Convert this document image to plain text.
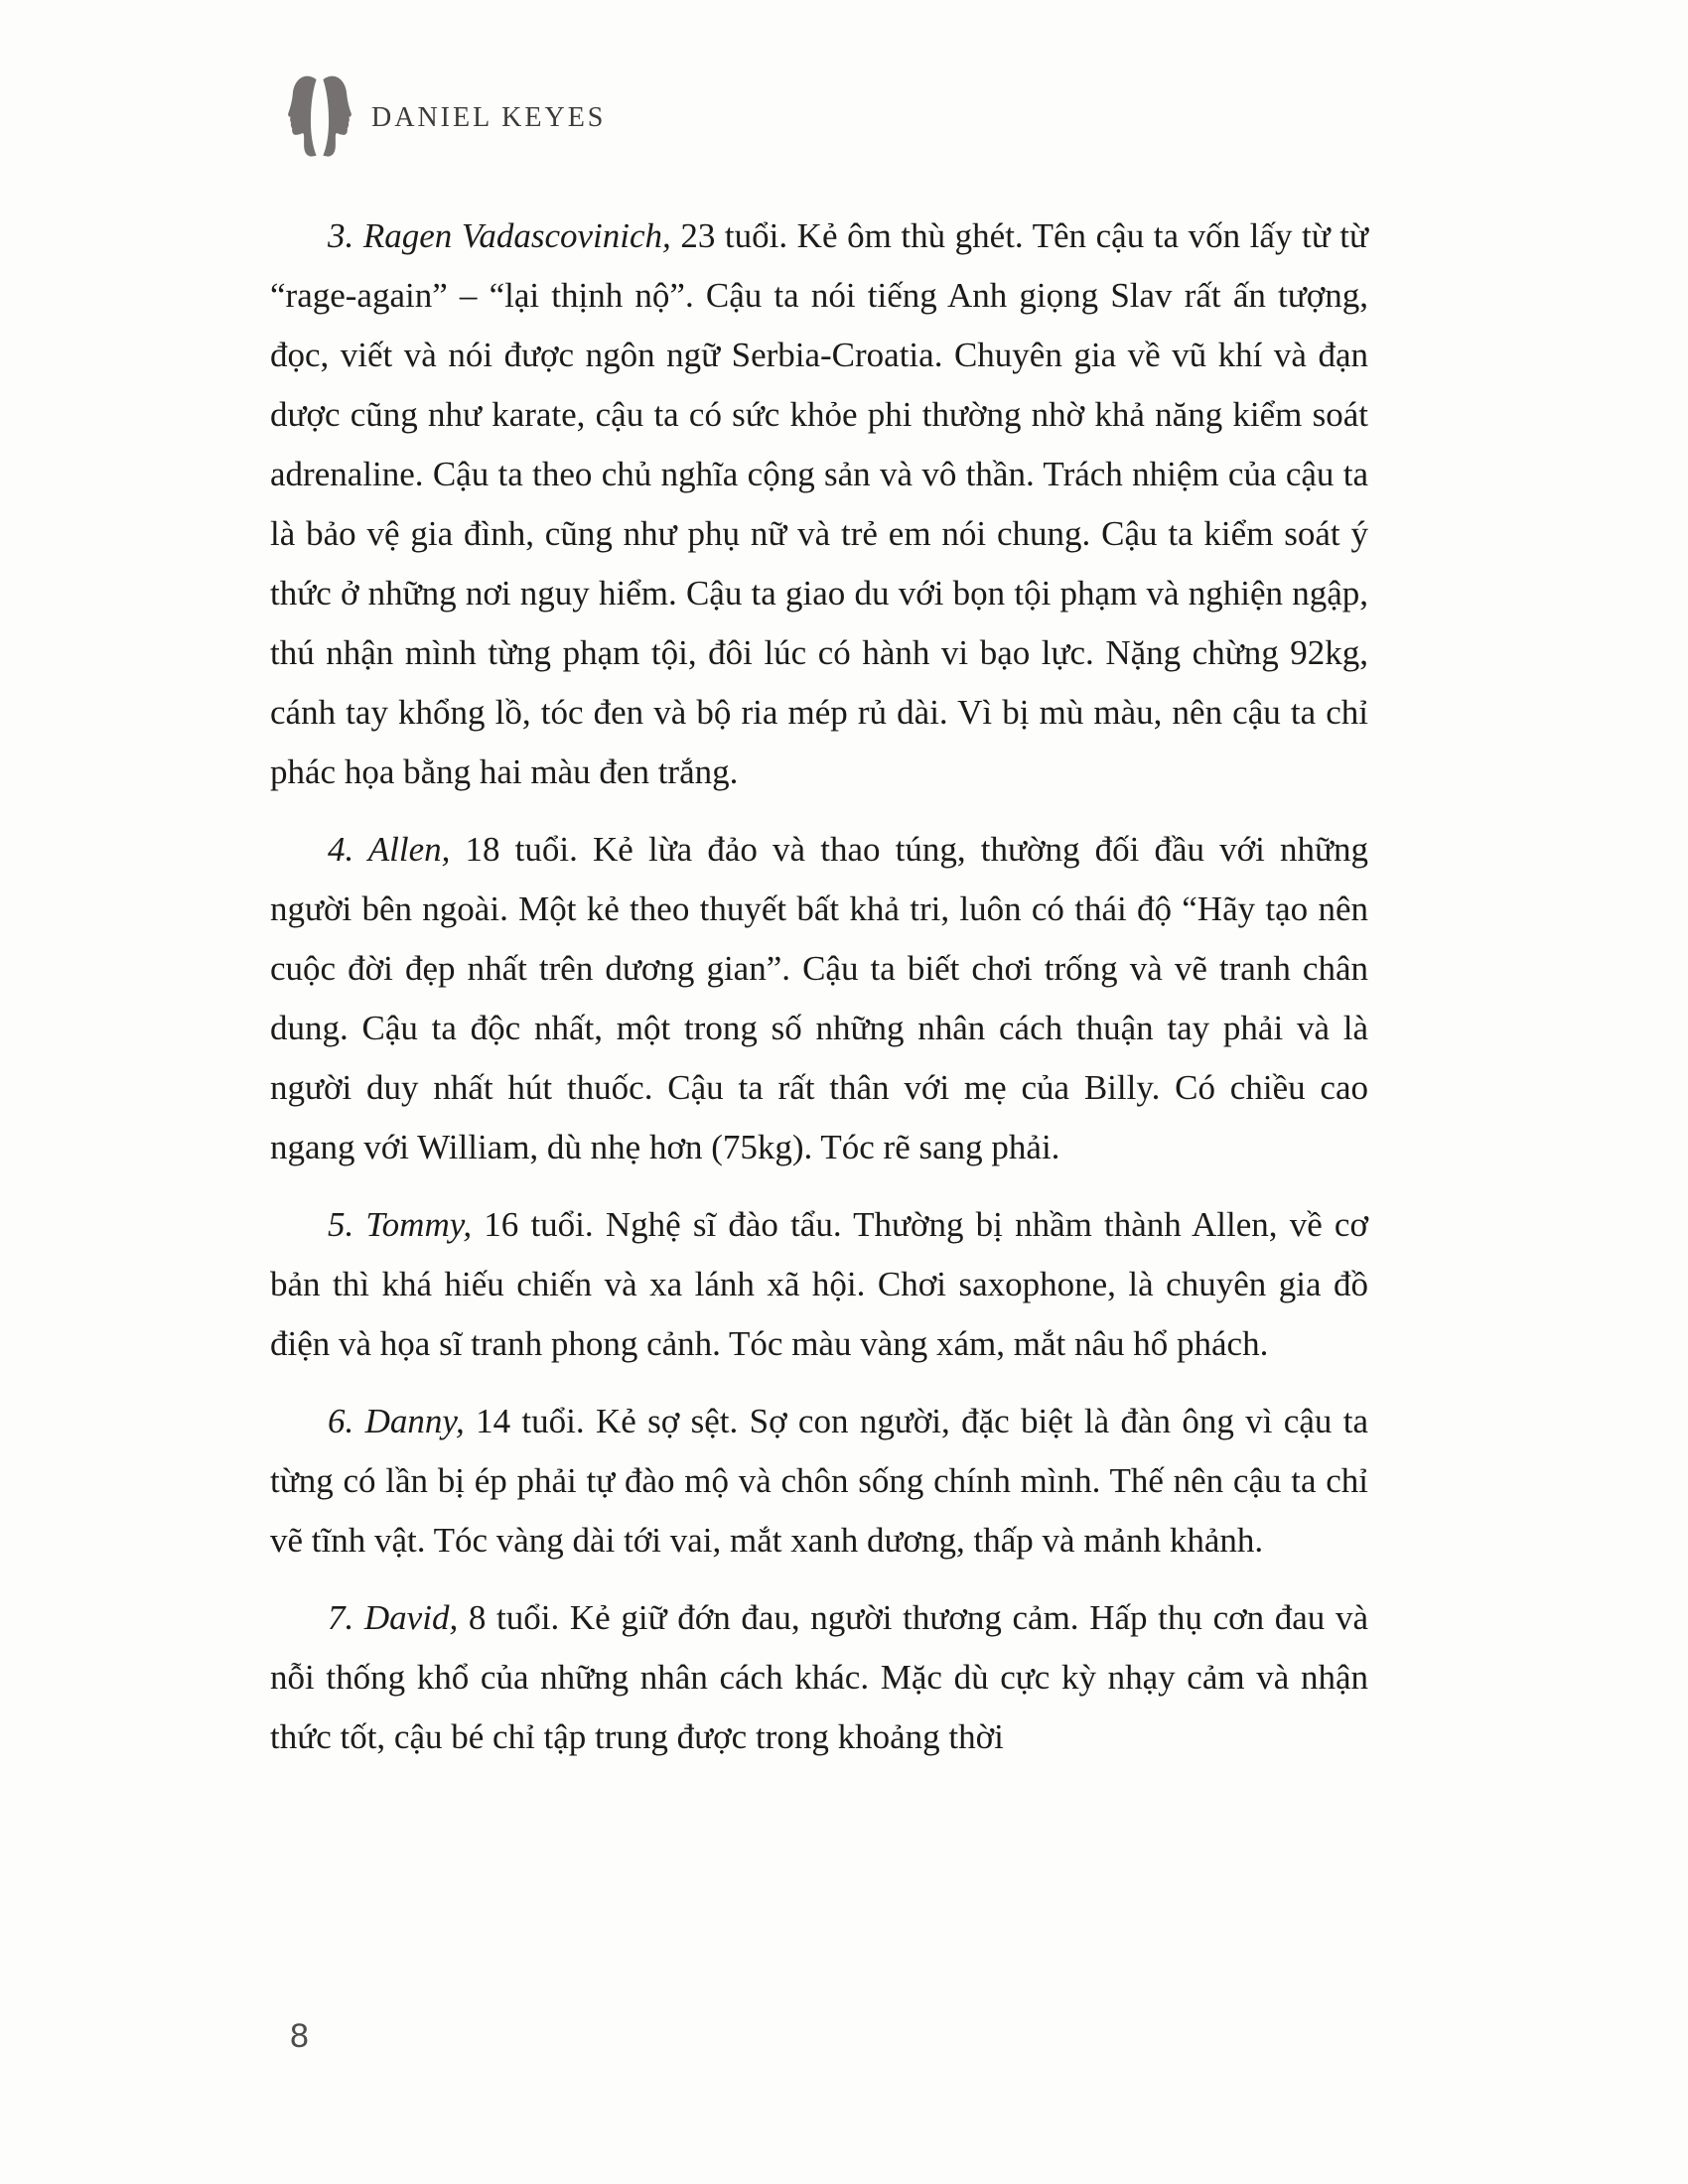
DANIEL KEYES

3. Ragen Vadascovinich, 23 tuổi. Kẻ ôm thù ghét. Tên cậu ta vốn lấy từ từ “rage-again” – “lại thịnh nộ”. Cậu ta nói tiếng Anh giọng Slav rất ấn tượng, đọc, viết và nói được ngôn ngữ Serbia-Croatia. Chuyên gia về vũ khí và đạn dược cũng như karate, cậu ta có sức khỏe phi thường nhờ khả năng kiểm soát adrenaline. Cậu ta theo chủ nghĩa cộng sản và vô thần. Trách nhiệm của cậu ta là bảo vệ gia đình, cũng như phụ nữ và trẻ em nói chung. Cậu ta kiểm soát ý thức ở những nơi nguy hiểm. Cậu ta giao du với bọn tội phạm và nghiện ngập, thú nhận mình từng phạm tội, đôi lúc có hành vi bạo lực. Nặng chừng 92kg, cánh tay khổng lồ, tóc đen và bộ ria mép rủ dài. Vì bị mù màu, nên cậu ta chỉ phác họa bằng hai màu đen trắng.

4. Allen, 18 tuổi. Kẻ lừa đảo và thao túng, thường đối đầu với những người bên ngoài. Một kẻ theo thuyết bất khả tri, luôn có thái độ “Hãy tạo nên cuộc đời đẹp nhất trên dương gian”. Cậu ta biết chơi trống và vẽ tranh chân dung. Cậu ta độc nhất, một trong số những nhân cách thuận tay phải và là người duy nhất hút thuốc. Cậu ta rất thân với mẹ của Billy. Có chiều cao ngang với William, dù nhẹ hơn (75kg). Tóc rẽ sang phải.

5. Tommy, 16 tuổi. Nghệ sĩ đào tẩu. Thường bị nhầm thành Allen, về cơ bản thì khá hiếu chiến và xa lánh xã hội. Chơi saxophone, là chuyên gia đồ điện và họa sĩ tranh phong cảnh. Tóc màu vàng xám, mắt nâu hổ phách.

6. Danny, 14 tuổi. Kẻ sợ sệt. Sợ con người, đặc biệt là đàn ông vì cậu ta từng có lần bị ép phải tự đào mộ và chôn sống chính mình. Thế nên cậu ta chỉ vẽ tĩnh vật. Tóc vàng dài tới vai, mắt xanh dương, thấp và mảnh khảnh.

7. David, 8 tuổi. Kẻ giữ đớn đau, người thương cảm. Hấp thụ cơn đau và nỗi thống khổ của những nhân cách khác. Mặc dù cực kỳ nhạy cảm và nhận thức tốt, cậu bé chỉ tập trung được trong khoảng thời

8
